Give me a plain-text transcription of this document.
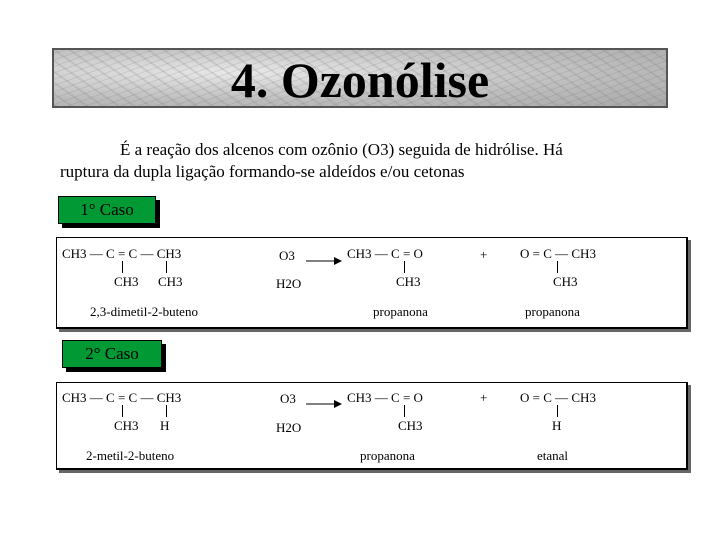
4. Ozonólise
É a reação dos alcenos com ozônio (O3) seguida de hidrólise. Há
ruptura da dupla ligação formando-se aldeídos e/ou cetonas
1° Caso
CH3 — C = C — CH3
CH3 CH3
2,3-dimetil-2-buteno
O3
H2O
CH3 — C = O
CH3
propanona
+	O = C — CH3
CH3
propanona
2° Caso
CH3 — C = C — CH3
CH3 H
2-metil-2-buteno
O3
H2O
CH3 — C = O
CH3
propanona
+	O = C — CH3
H
etanal
